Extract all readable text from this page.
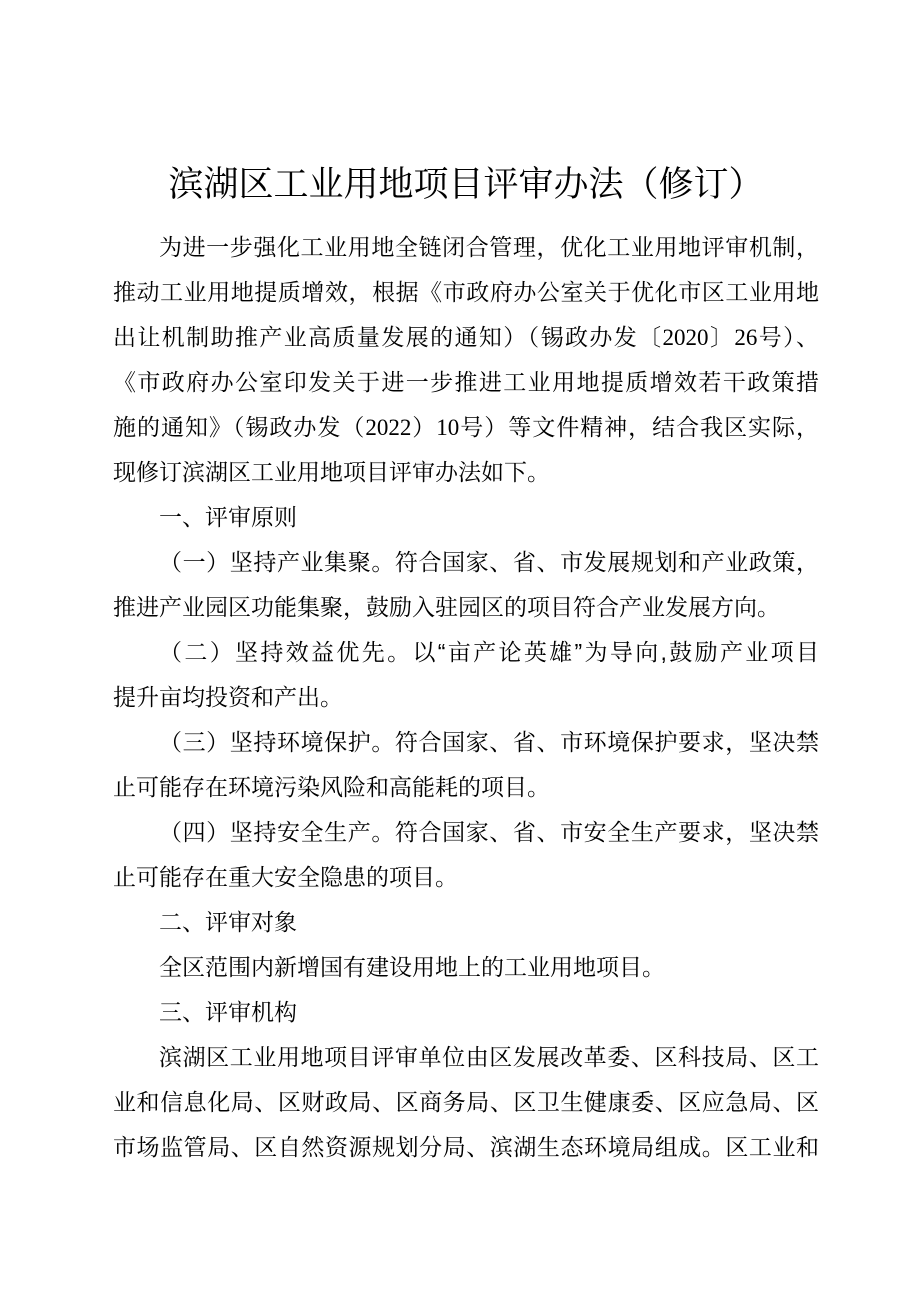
滨湖区工业用地项目评审办法（修订）
为进一步强化工业用地全链闭合管理，优化工业用地评审机制，
推动工业用地提质增效，根据《市政府办公室关于优化市区工业用地
出让机制助推产业高质量发展的通知）（锡政办发〔2020〕26号）、
《市政府办公室印发关于进一步推进工业用地提质增效若干政策措
施的通知》（锡政办发（2022）10号）等文件精神，结合我区实际，
现修订滨湖区工业用地项目评审办法如下。
一、评审原则
（一）坚持产业集聚。符合国家、省、市发展规划和产业政策，
推进产业园区功能集聚，鼓励入驻园区的项目符合产业发展方向。
（二）坚持效益优先。以“亩产论英雄”为导向,鼓励产业项目
提升亩均投资和产出。
（三）坚持环境保护。符合国家、省、市环境保护要求，坚决禁
止可能存在环境污染风险和高能耗的项目。
（四）坚持安全生产。符合国家、省、市安全生产要求，坚决禁
止可能存在重大安全隐患的项目。
二、评审对象
全区范围内新增国有建设用地上的工业用地项目。
三、评审机构
滨湖区工业用地项目评审单位由区发展改革委、区科技局、区工
业和信息化局、区财政局、区商务局、区卫生健康委、区应急局、区
市场监管局、区自然资源规划分局、滨湖生态环境局组成。区工业和
